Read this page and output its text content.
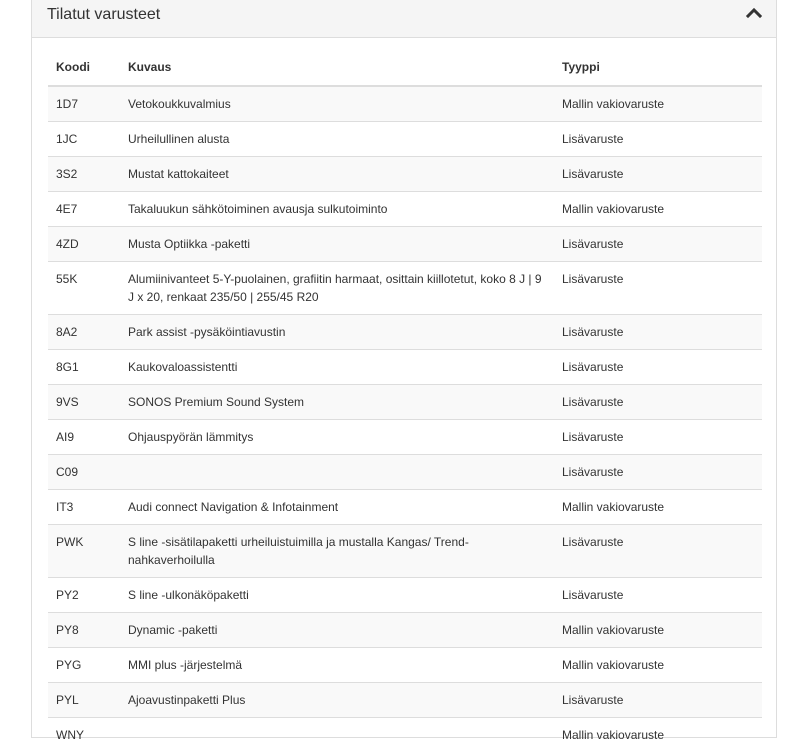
Tilatut varusteet
Koodi	Kuvaus	Tyyppi
1D7	Vetokoukkuvalmius	Mallin vakiovaruste
1JC	Urheilullinen alusta	Lisävaruste
3S2	Mustat kattokaiteet	Lisävaruste
4E7	Takaluukun sähkötoiminen avausja sulkutoiminto	Mallin vakiovaruste
4ZD	Musta Optiikka -paketti	Lisävaruste
55K	Alumiinivanteet 5-Y-puolainen, grafiitin harmaat, osittain kiillotetut, koko 8 J | 9 J x 20, renkaat 235/50 | 255/45 R20	Lisävaruste
8A2	Park assist -pysäköintiavustin	Lisävaruste
8G1	Kaukovaloassistentti	Lisävaruste
9VS	SONOS Premium Sound System	Lisävaruste
AI9	Ohjauspyörän lämmitys	Lisävaruste
C09		Lisävaruste
IT3	Audi connect Navigation & Infotainment	Mallin vakiovaruste
PWK	S line -sisätilapaketti urheiluistuimilla ja mustalla Kangas/ Trend-nahkaverhoilulla	Lisävaruste
PY2	S line -ulkonäköpaketti	Lisävaruste
PY8	Dynamic -paketti	Mallin vakiovaruste
PYG	MMI plus -järjestelmä	Mallin vakiovaruste
PYL	Ajoavustinpaketti Plus	Lisävaruste
WNY		Mallin vakiovaruste
